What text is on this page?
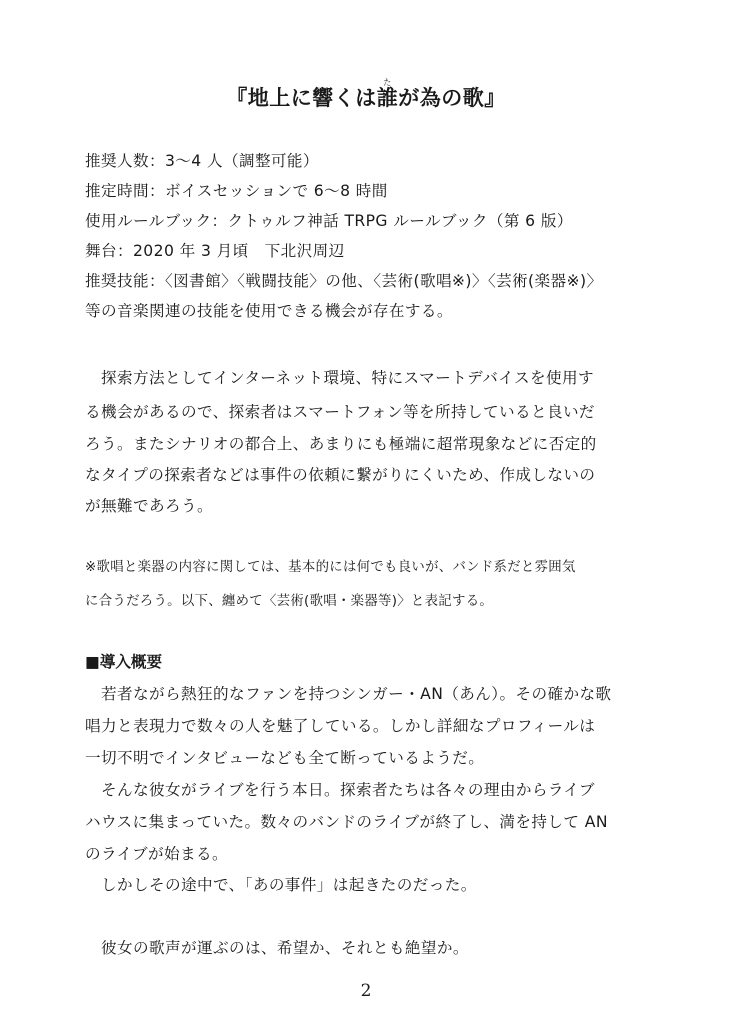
『地上に響くは誰たが為の歌』
推奨人数：3〜4 人（調整可能）
推定時間：ボイスセッションで 6〜8 時間
使用ルールブック：クトゥルフ神話 TRPG ルールブック（第 6 版）
舞台：2020 年 3 月頃　下北沢周辺
推奨技能：〈図書館〉〈戦闘技能〉の他、〈芸術(歌唱※)〉〈芸術(楽器※)〉
等の音楽関連の技能を使用できる機会が存在する。
　探索方法としてインターネット環境、特にスマートデバイスを使用す
る機会があるので、探索者はスマートフォン等を所持していると良いだ
ろう。またシナリオの都合上、あまりにも極端に超常現象などに否定的
なタイプの探索者などは事件の依頼に繋がりにくいため、作成しないの
が無難であろう。
※歌唱と楽器の内容に関しては、基本的には何でも良いが、バンド系だと雰囲気
に合うだろう。以下、纏めて〈芸術(歌唱・楽器等)〉と表記する。
■導入概要
　若者ながら熱狂的なファンを持つシンガー・AN（あん）。その確かな歌
唱力と表現力で数々の人を魅了している。しかし詳細なプロフィールは
一切不明でインタビューなども全て断っているようだ。
　そんな彼女がライブを行う本日。探索者たちは各々の理由からライブ
ハウスに集まっていた。数々のバンドのライブが終了し、満を持して AN
のライブが始まる。
　しかしその途中で、「あの事件」は起きたのだった。
　彼女の歌声が運ぶのは、希望か、それとも絶望か。
2
